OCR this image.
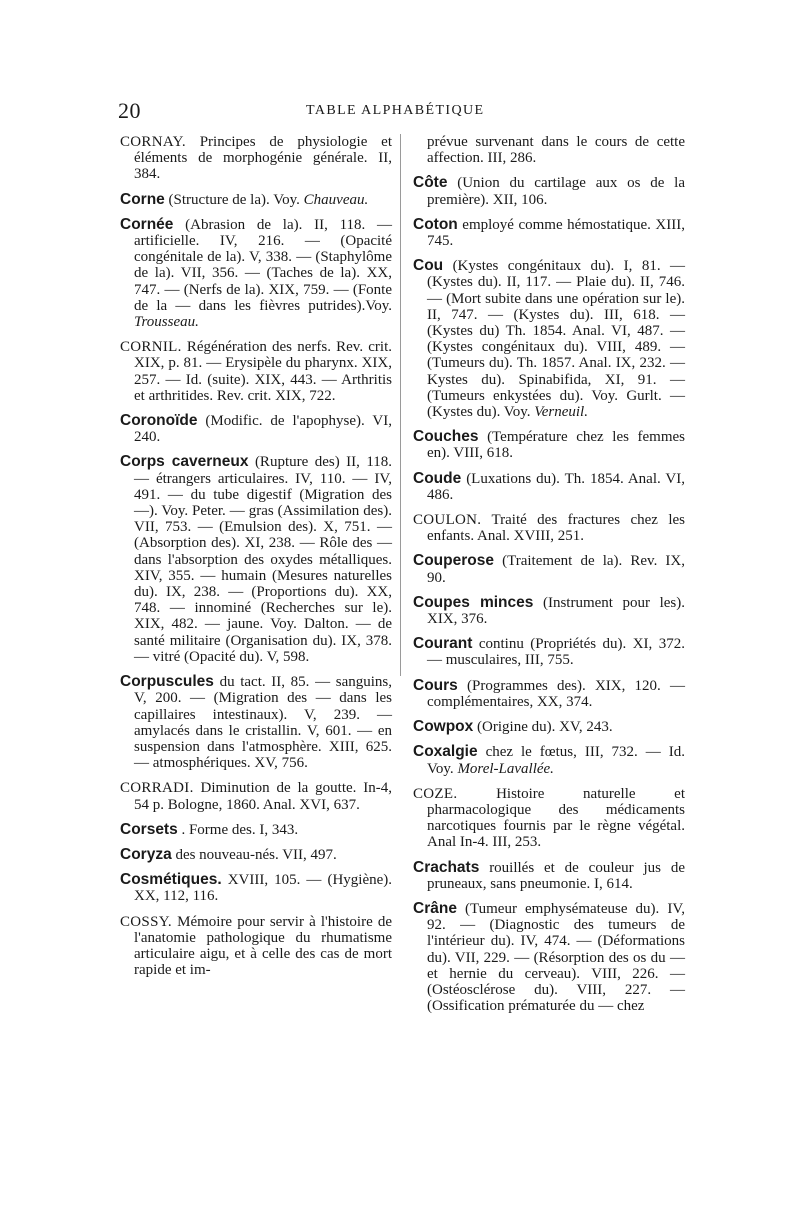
20	TABLE ALPHABÉTIQUE

CORNAY. Principes de physiologie et éléments de morphogénie générale. II, 384.

Corne (Structure de la). Voy. Chauveau.

Cornée (Abrasion de la). II, 118. — artificielle. IV, 216. — (Opacité congénitale de la). V, 338. — (Staphylôme de la). VII, 356. — (Taches de la). XX, 747. — (Nerfs de la). XIX, 759. — (Fonte de la — dans les fièvres putrides).Voy. Trousseau.

CORNIL. Régénération des nerfs. Rev. crit. XIX, p. 81. — Erysipèle du pharynx. XIX, 257. — Id. (suite). XIX, 443. — Arthritis et arthritides. Rev. crit. XIX, 722.

Coronoïde (Modific. de l'apophyse). VI, 240.

Corps caverneux (Rupture des) II, 118. — étrangers articulaires. IV, 110. — IV, 491. — du tube digestif (Migration des —). Voy. Peter. — gras (Assimilation des). VII, 753. — (Emulsion des). X, 751. — (Absorption des). XI, 238. — Rôle des — dans l'absorption des oxydes métalliques. XIV, 355. — humain (Mesures naturelles du). IX, 238. — (Proportions du). XX, 748. — innominé (Recherches sur le). XIX, 482. — jaune. Voy. Dalton. — de santé militaire (Organisation du). IX, 378. — vitré (Opacité du). V, 598.

Corpuscules du tact. II, 85. — sanguins, V, 200. — (Migration des — dans les capillaires intestinaux). V, 239. — amylacés dans le cristallin. V, 601. — en suspension dans l'atmosphère. XIII, 625. — atmosphériques. XV, 756.

CORRADI. Diminution de la goutte. In-4, 54 p. Bologne, 1860. Anal. XVI, 637.

Corsets . Forme des. I, 343.

Coryza des nouveau-nés. VII, 497.

Cosmétiques. XVIII, 105. — (Hygiène). XX, 112, 116.

COSSY. Mémoire pour servir à l'histoire de l'anatomie pathologique du rhumatisme articulaire aigu, et à celle des cas de mort rapide et im-

prévue survenant dans le cours de cette affection. III, 286.

Côte (Union du cartilage aux os de la première). XII, 106.

Coton employé comme hémostatique. XIII, 745.

Cou (Kystes congénitaux du). I, 81. — (Kystes du). II, 117. — Plaie du). II, 746. — (Mort subite dans une opération sur le). II, 747. — (Kystes du). III, 618. — (Kystes du) Th. 1854. Anal. VI, 487. — (Kystes congénitaux du). VIII, 489. — (Tumeurs du). Th. 1857. Anal. IX, 232. — Kystes du). Spinabifida, XI, 91. — (Tumeurs enkystées du). Voy. Gurlt. — (Kystes du). Voy. Verneuil.

Couches (Température chez les femmes en). VIII, 618.

Coude (Luxations du). Th. 1854. Anal. VI, 486.

COULON. Traité des fractures chez les enfants. Anal. XVIII, 251.

Couperose (Traitement de la). Rev. IX, 90.

Coupes minces (Instrument pour les). XIX, 376.

Courant continu (Propriétés du). XI, 372. — musculaires, III, 755.

Cours (Programmes des). XIX, 120. — complémentaires, XX, 374.

Cowpox (Origine du). XV, 243.

Coxalgie chez le fœtus, III, 732. — Id. Voy. Morel-Lavallée.

COZE.	Histoire naturelle et pharmacologique des médicaments narcotiques fournis par le règne végétal. Anal In-4. III, 253.

Crachats rouillés et de couleur jus de pruneaux, sans pneumonie. I, 614.

Crâne (Tumeur emphysémateuse du). IV, 92. — (Diagnostic des tumeurs de l'intérieur du). IV, 474. — (Déformations du). VII, 229. — (Résorption des os du — et hernie du cerveau). VIII, 226. — (Ostéosclérose du). VIII, 227. — (Ossification prématurée du — chez
